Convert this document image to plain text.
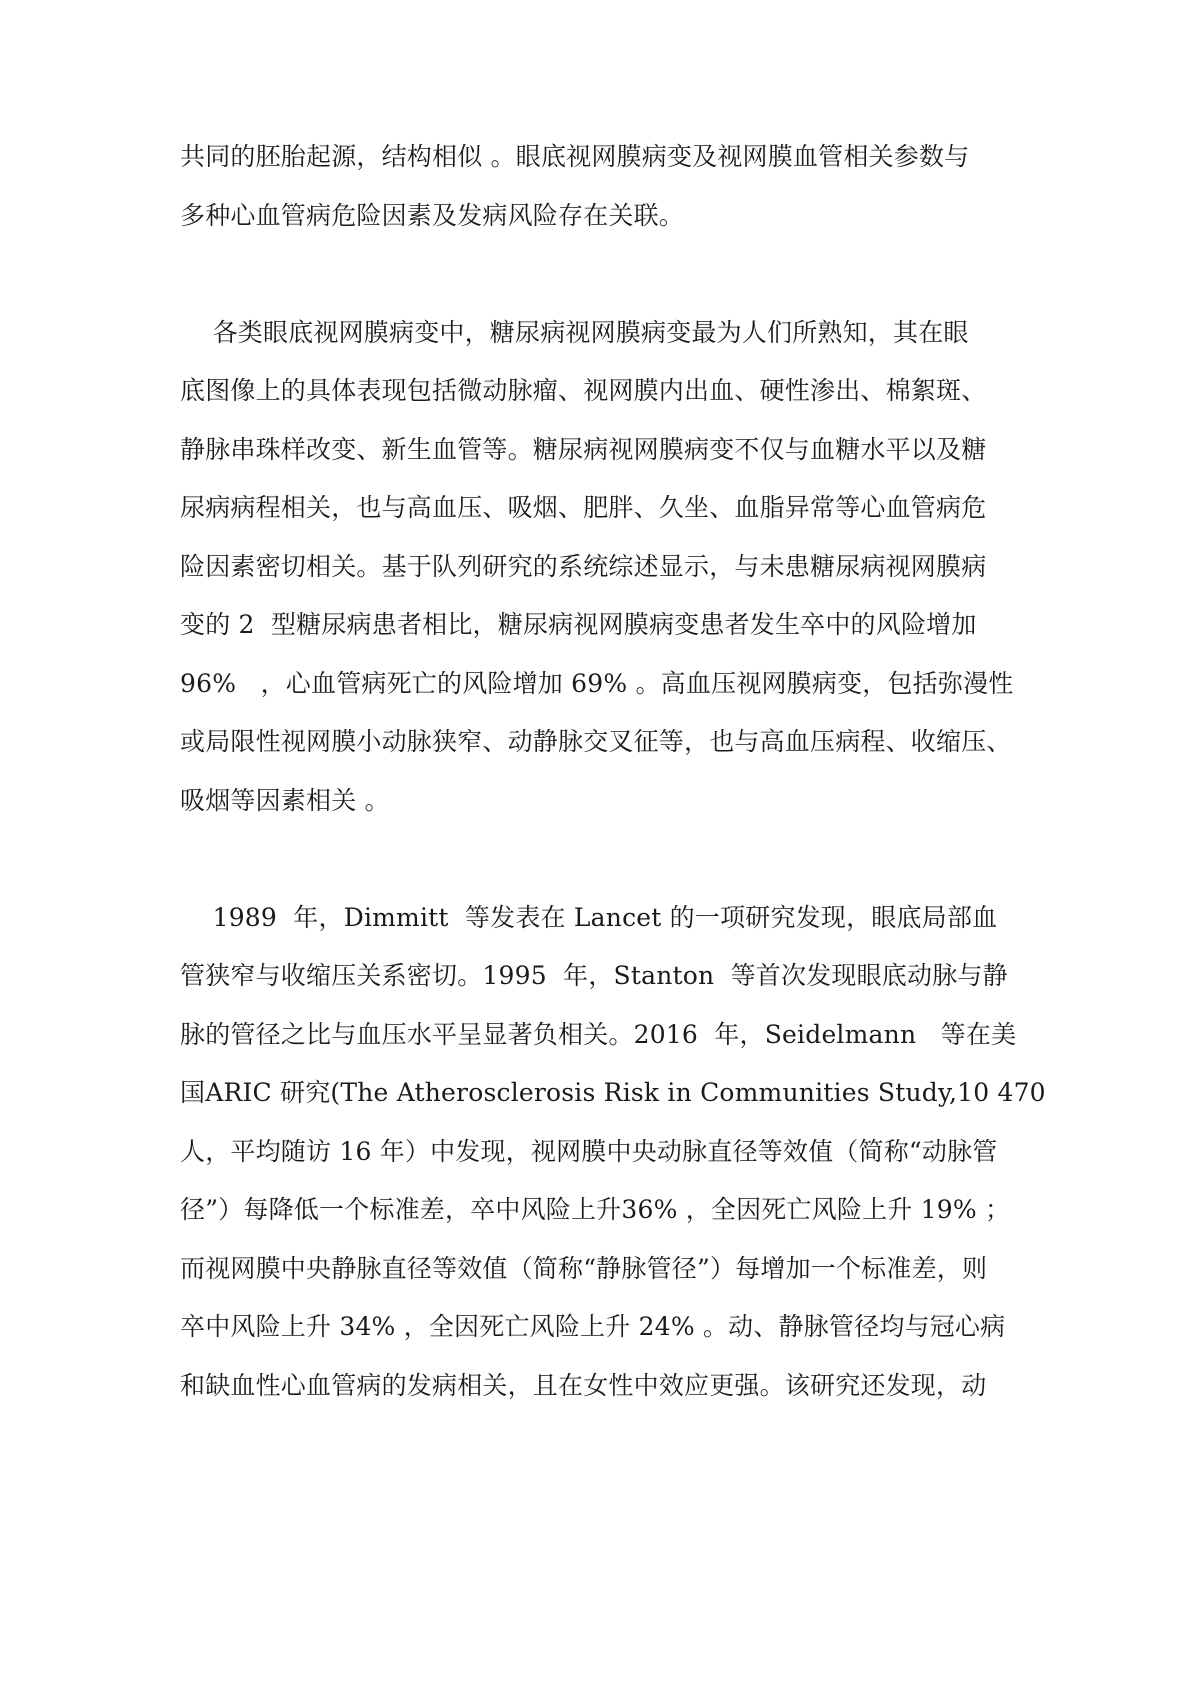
共同的胚胎起源，结构相似 。眼底视网膜病变及视网膜血管相关参数与
多种心血管病危险因素及发病风险存在关联。
各类眼底视网膜病变中，糖尿病视网膜病变最为人们所熟知，其在眼
底图像上的具体表现包括微动脉瘤、视网膜内出血、硬性渗出、棉絮斑、
静脉串珠样改变、新生血管等。糖尿病视网膜病变不仅与血糖水平以及糖
尿病病程相关，也与高血压、吸烟、肥胖、久坐、血脂异常等心血管病危
险因素密切相关。基于队列研究的系统综述显示，与未患糖尿病视网膜病
变的 2  型糖尿病患者相比，糖尿病视网膜病变患者发生卒中的风险增加
96%   ，心血管病死亡的风险增加 69% 。高血压视网膜病变，包括弥漫性
或局限性视网膜小动脉狭窄、动静脉交叉征等，也与高血压病程、收缩压、
吸烟等因素相关 。
1989  年，Dimmitt  等发表在 Lancet 的一项研究发现，眼底局部血
管狭窄与收缩压关系密切。1995  年，Stanton  等首次发现眼底动脉与静
脉的管径之比与血压水平呈显著负相关。2016  年，Seidelmann   等在美
国ARIC 研究(The Atherosclerosis Risk in Communities Study,10 470
人，平均随访 16 年）中发现，视网膜中央动脉直径等效值（简称“动脉管
径”）每降低一个标准差，卒中风险上升36% ，全因死亡风险上升 19% ；
而视网膜中央静脉直径等效值（简称“静脉管径”）每增加一个标准差，则
卒中风险上升 34% ，全因死亡风险上升 24% 。动、静脉管径均与冠心病
和缺血性心血管病的发病相关，且在女性中效应更强。该研究还发现，动
